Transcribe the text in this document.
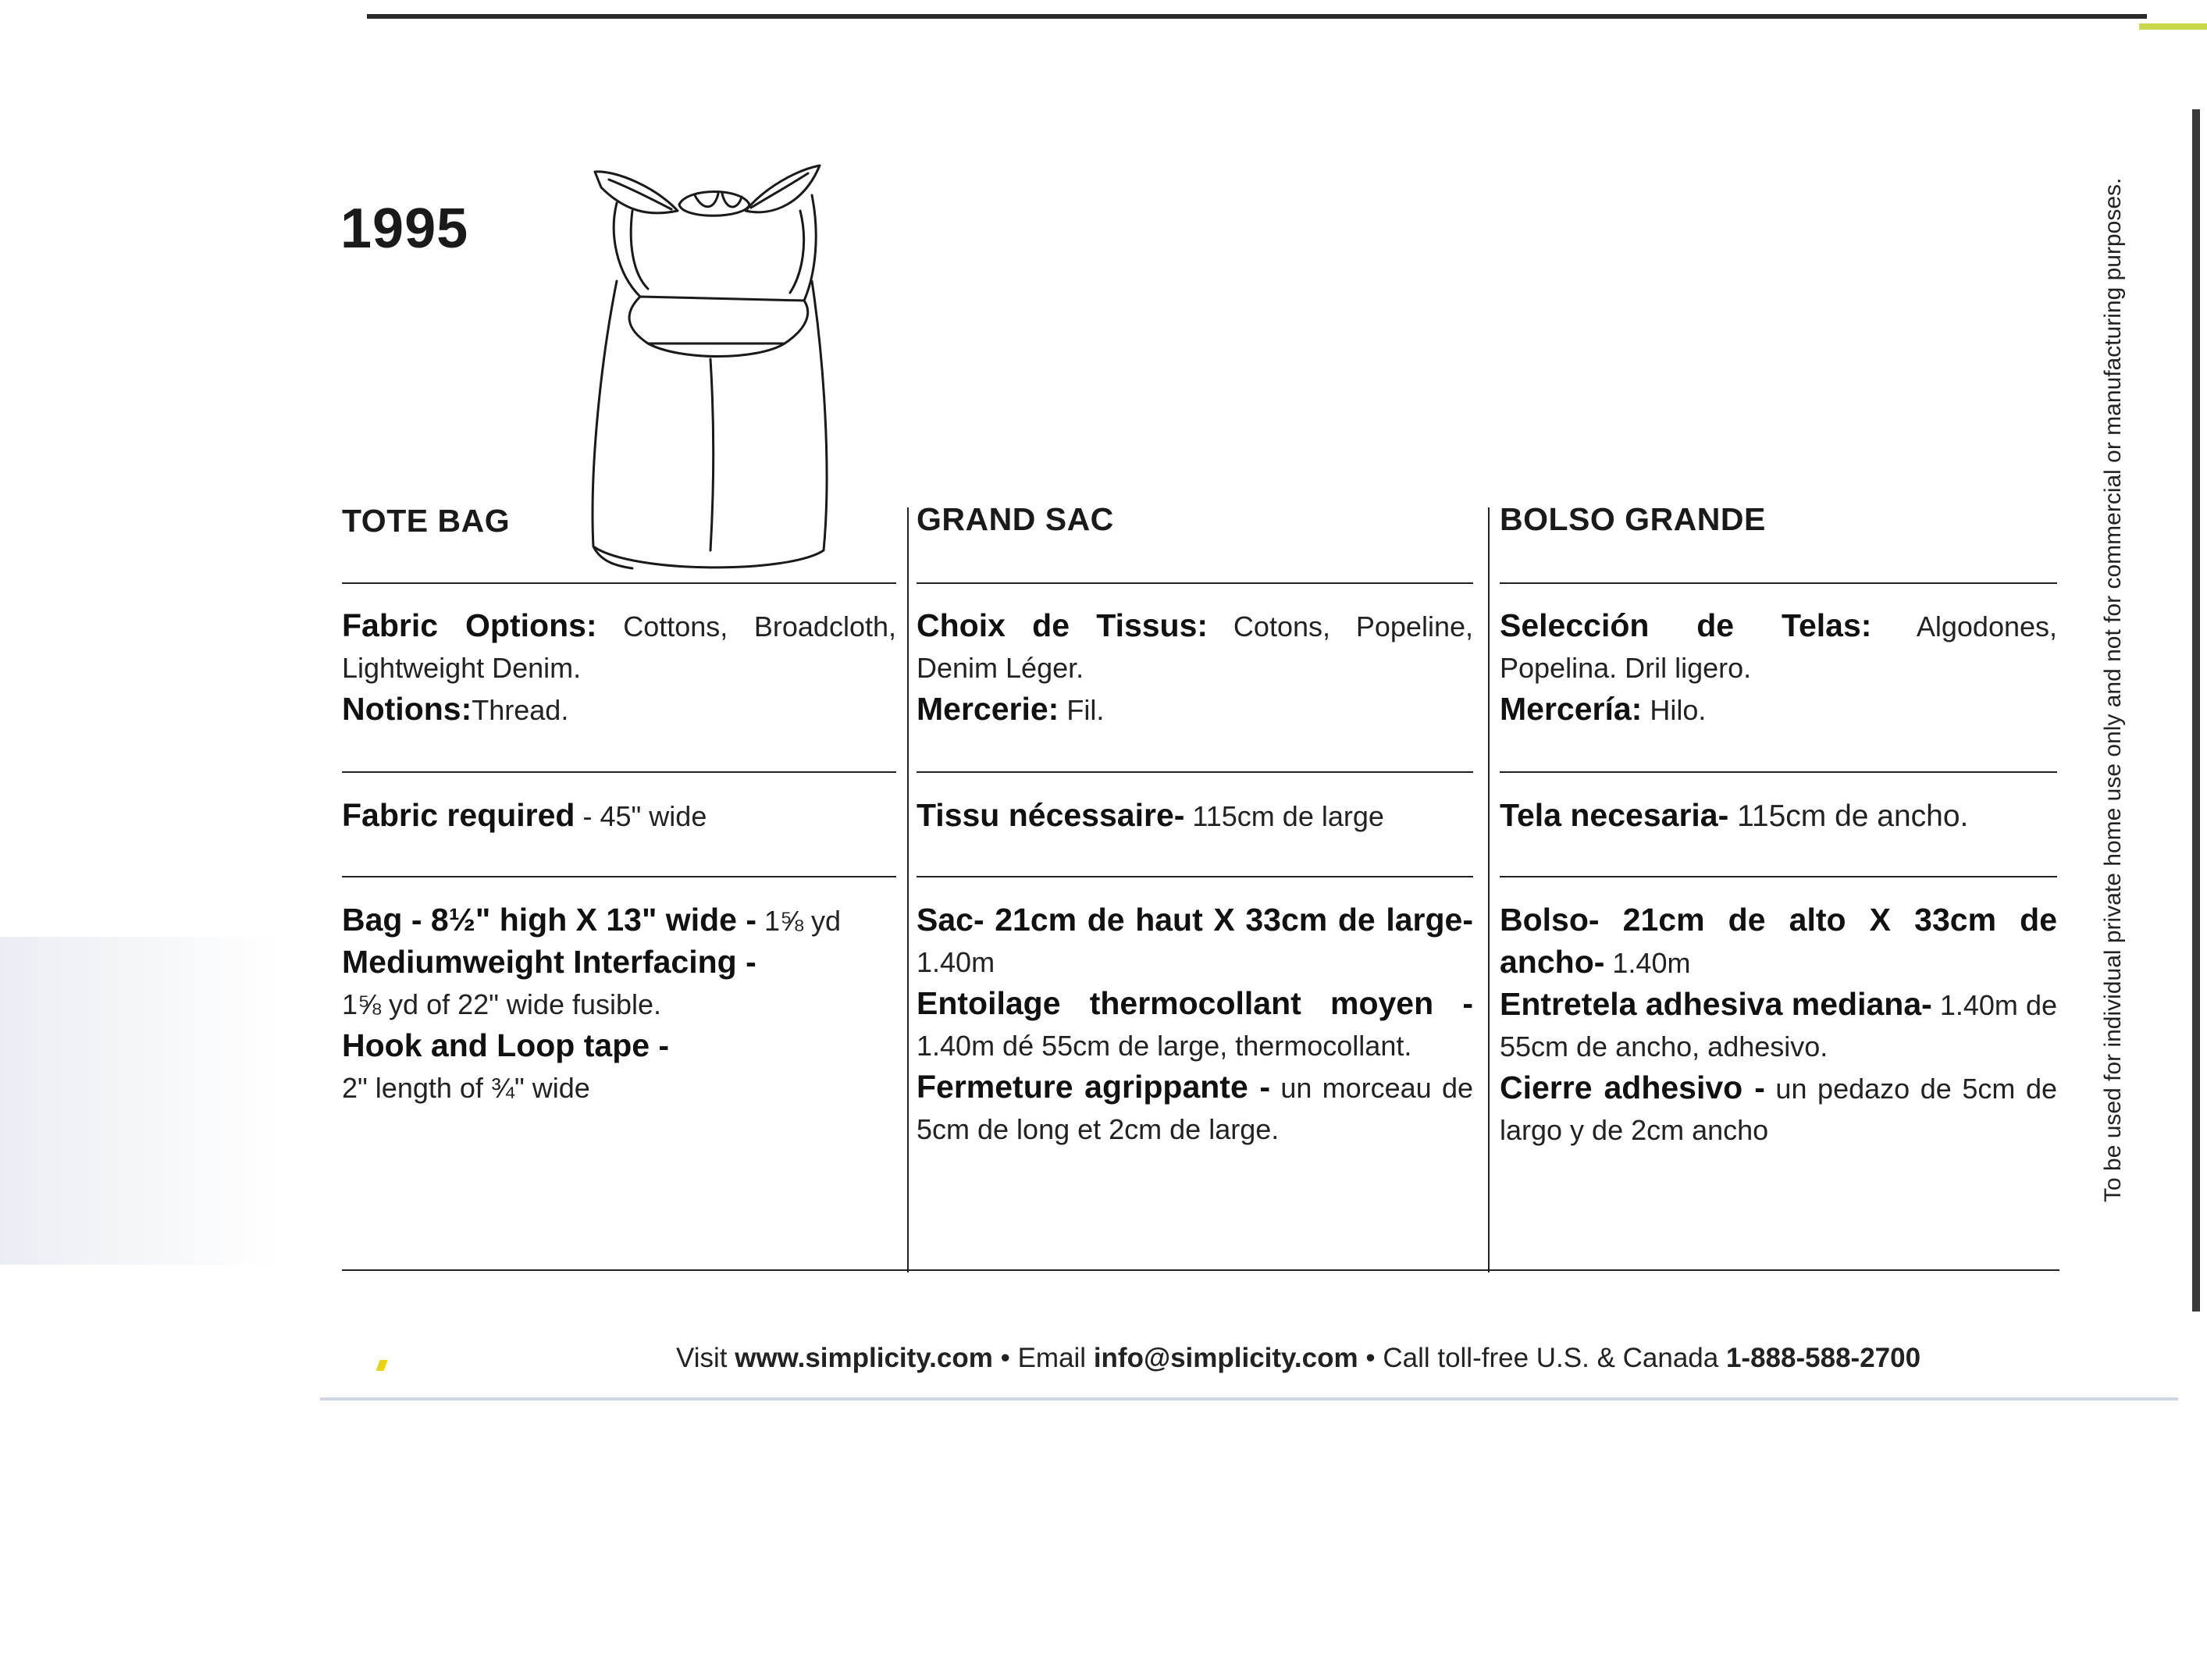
1995
TOTE BAG	GRAND SAC	BOLSO GRANDE
Fabric Options: Cottons, Broadcloth, Lightweight Denim.
Notions:Thread.
Fabric required - 45" wide
Bag - 8½" high X 13" wide - 1⅝ yd
Mediumweight Interfacing -
1⅝ yd of 22" wide fusible.
Hook and Loop tape -
2" length of ¾" wide
Choix de Tissus: Cotons, Popeline, Denim Léger.
Mercerie: Fil.
Tissu nécessaire- 115cm de large
Sac- 21cm de haut X 33cm de large- 1.40m
Entoilage thermocollant moyen - 1.40m dé 55cm de large, thermocollant.
Fermeture agrippante - un morceau de 5cm de long et 2cm de large.
Selección de Telas: Algodones, Popelina. Dril ligero.
Mercería: Hilo.
Tela necesaria- 115cm de ancho.
Bolso- 21cm de alto X 33cm de ancho- 1.40m
Entretela adhesiva mediana- 1.40m de 55cm de ancho, adhesivo.
Cierre adhesivo - un pedazo de 5cm de largo y de 2cm ancho
Visit www.simplicity.com • Email info@simplicity.com • Call toll-free U.S. & Canada 1-888-588-2700
To be used for individual private home use only and not for commercial or manufacturing purposes.
